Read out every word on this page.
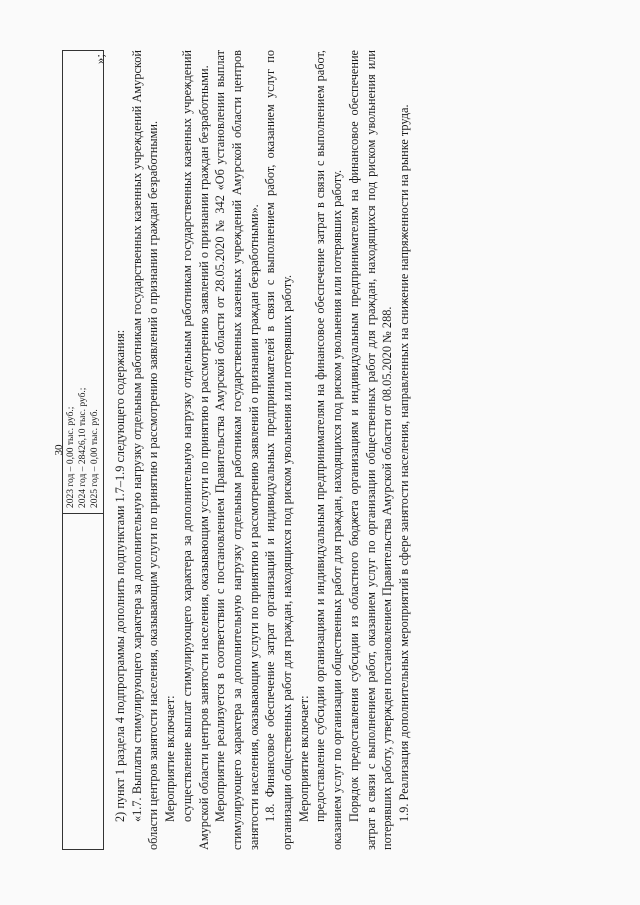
30 2023 год – 0,00 тыс. руб.; 2024 год – 28426,10 тыс. руб.; 2025 год – 0,00 тыс. руб.
»;

2) пункт 1 раздела 4 подпрограммы дополнить подпунктами 1.7–1.9 следующего содержания: «1.7. Выплаты стимулирующего характера за дополнительную нагрузку отдельным работникам государственных казенных учреждений Амурской области центров занятости населения, оказывающим услуги по принятию и рассмотрению заявлений о признании граждан безработными. Мероприятие включает: осуществление выплат стимулирующего характера за дополнительную нагрузку отдельным работникам государственных казенных учреждений Амурской области центров занятости населения, оказывающим услуги по принятию и рассмотрению заявлений о признании граждан безработными. Мероприятие реализуется в соответствии с постановлением Правительства Амурской области от 28.05.2020 № 342 «Об установлении выплат стимулирующего характера за дополнительную нагрузку отдельным работникам государственных казенных учреждений Амурской области центров занятости населения, оказывающим услуги по принятию и рассмотрению заявлений о признании граждан безработными». 1.8. Финансовое обеспечение затрат организаций и индивидуальных предпринимателей в связи с выполнением работ, оказанием услуг по организации общественных работ для граждан, находящихся под риском увольнения или потерявших работу. Мероприятие включает: предоставление субсидии организациям и индивидуальным предпринимателям на финансовое обеспечение затрат в связи с выполнением работ, оказанием услуг по организации общественных работ для граждан, находящихся под риском увольнения или потерявших работу. Порядок предоставления субсидии из областного бюджета организациям и индивидуальным предпринимателям на финансовое обеспечение затрат в связи с выполнением работ, оказанием услуг по организации общественных работ для граждан, находящихся под риском увольнения или потерявших работу, утвержден постановлением Правительства Амурской области от 08.05.2020 № 288. 1.9. Реализация дополнительных мероприятий в сфере занятости населения, направленных на снижение напряженности на рынке труда.
